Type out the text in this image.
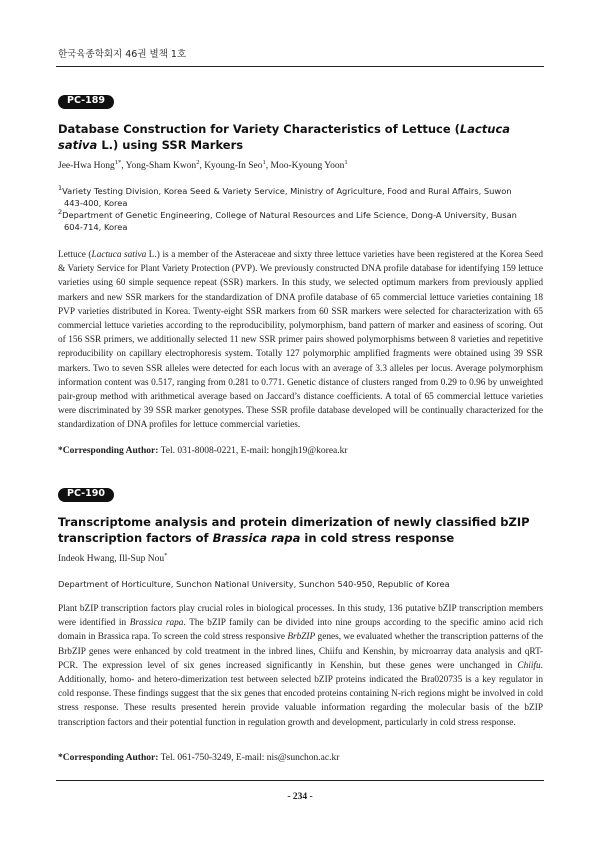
한국육종학회지 46권 별책 1호
PC-189
Database Construction for Variety Characteristics of Lettuce (Lactuca sativa L.) using SSR Markers
Jee-Hwa Hong$^{1*}$, Yong-Sham Kwon$^2$, Kyoung-In Seo$^1$, Moo-Kyoung Yoon$^1$
$^1$Variety Testing Division, Korea Seed & Variety Service, Ministry of Agriculture, Food and Rural Affairs, Suwon
443-400, Korea
$^2$Department of Genetic Engineering, College of Natural Resources and Life Science, Dong-A University, Busan
604-714, Korea
Lettuce (Lactuca sativa L.) is a member of the Asteraceae and sixty three lettuce varieties have been registered at the Korea Seed & Variety Service for Plant Variety Protection (PVP). We previously constructed DNA profile database for identifying 159 lettuce varieties using 60 simple sequence repeat (SSR) markers. In this study, we selected optimum markers from previously applied markers and new SSR markers for the standardization of DNA profile database of 65 commercial lettuce varieties containing 18 PVP varieties distributed in Korea. Twenty-eight SSR markers from 60 SSR markers were selected for characterization with 65 commercial lettuce varieties according to the reproducibility, polymorphism, band pattern of marker and easiness of scoring. Out of 156 SSR primers, we additionally selected 11 new SSR primer pairs showed polymorphisms between 8 varieties and repetitive reproducibility on capillary electrophoresis system. Totally 127 polymorphic amplified fragments were obtained using 39 SSR markers. Two to seven SSR alleles were detected for each locus with an average of 3.3 alleles per locus. Average polymorphism information content was 0.517, ranging from 0.281 to 0.771. Genetic distance of clusters ranged from 0.29 to 0.96 by unweighted pair-group method with arithmetical average based on Jaccard’s distance coefficients. A total of 65 commercial lettuce varieties were discriminated by 39 SSR marker genotypes. These SSR profile database developed will be continually characterized for the standardization of DNA profiles for lettuce commercial varieties.
*Corresponding Author: Tel. 031-8008-0221, E-mail: hongjh19@korea.kr
PC-190
Transcriptome analysis and protein dimerization of newly classified bZIP transcription factors of Brassica rapa in cold stress response
Indeok Hwang, Ill-Sup Nou*
Department of Horticulture, Sunchon National University, Sunchon 540-950, Republic of Korea
Plant bZIP transcription factors play crucial roles in biological processes. In this study, 136 putative bZIP transcription members were identified in Brassica rapa. The bZIP family can be divided into nine groups according to the specific amino acid rich domain in Brassica rapa. To screen the cold stress responsive BrbZIP genes, we evaluated whether the transcription patterns of the BrbZIP genes were enhanced by cold treatment in the inbred lines, Chiifu and Kenshin, by microarray data analysis and qRT-PCR. The expression level of six genes increased significantly in Kenshin, but these genes were unchanged in Chiifu. Additionally, homo- and hetero-dimerization test between selected bZIP proteins indicated the Bra020735 is a key regulator in cold response. These findings suggest that the six genes that encoded proteins containing N-rich regions might be involved in cold stress response. These results presented herein provide valuable information regarding the molecular basis of the bZIP transcription factors and their potential function in regulation growth and development, particularly in cold stress response.
*Corresponding Author: Tel. 061-750-3249, E-mail: nis@sunchon.ac.kr
- 234 -
